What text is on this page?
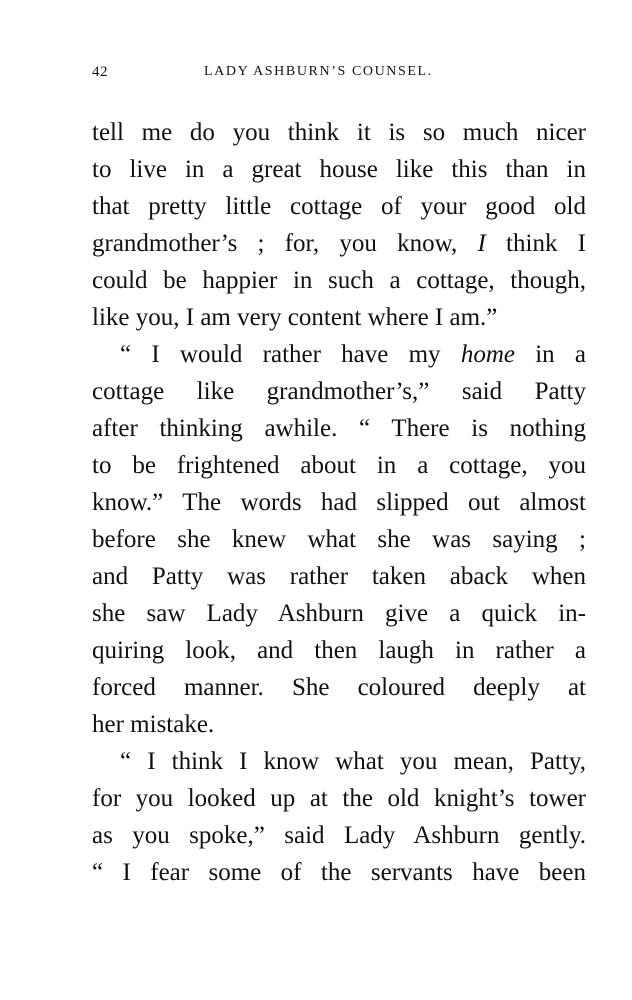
42	LADY ASHBURN’S COUNSEL.
tell me do you think it is so much nicer
to live in a great house like this than in
that pretty little cottage of your good old
grandmother’s ; for, you know, I think I
could be happier in such a cottage, though,
like you, I am very content where I am.”
“ I would rather have my home in a
cottage like grandmother’s,” said Patty
after thinking awhile. “ There is nothing
to be frightened about in a cottage, you
know.” The words had slipped out almost
before she knew what she was saying ;
and Patty was rather taken aback when
she saw Lady Ashburn give a quick in-
quiring look, and then laugh in rather a
forced manner. She coloured deeply at
her mistake.
“ I think I know what you mean, Patty,
for you looked up at the old knight’s tower
as you spoke,” said Lady Ashburn gently.
“ I fear some of the servants have been
